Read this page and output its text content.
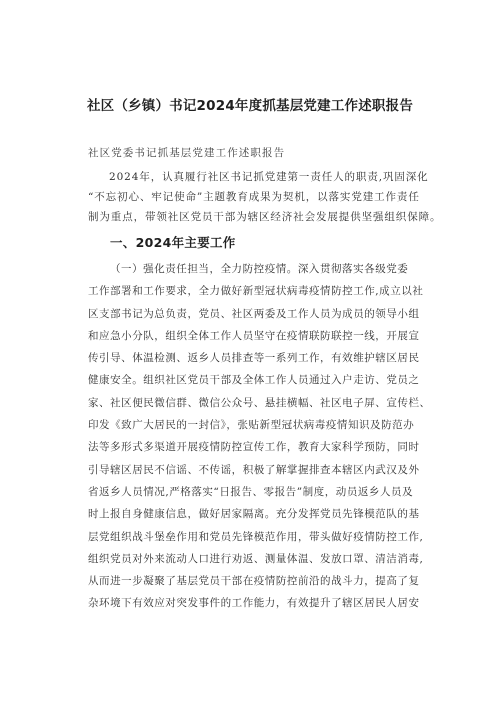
社区（乡镇）书记2024年度抓基层党建工作述职报告
社区党委书记抓基层党建工作述职报告
2024年，认真履行社区书记抓党建第一责任人的职责,巩固深化
“不忘初心、牢记使命”主题教育成果为契机，以落实党建工作责任
制为重点，带领社区党员干部为辖区经济社会发展提供坚强组织保障。
一、2024年主要工作
（一）强化责任担当，全力防控疫情。深入贯彻落实各级党委
工作部署和工作要求，全力做好新型冠状病毒疫情防控工作,成立以社
区支部书记为总负责，党员、社区两委及工作人员为成员的领导小组
和应急小分队，组织全体工作人员坚守在疫情联防联控一线，开展宣
传引导、体温检测、返乡人员排查等一系列工作，有效维护辖区居民
健康安全。组织社区党员干部及全体工作人员通过入户走访、党员之
家、社区便民微信群、微信公众号、悬挂横幅、社区电子屏、宣传栏、
印发《致广大居民的一封信》，张贴新型冠状病毒疫情知识及防范办
法等多形式多渠道开展疫情防控宣传工作，教育大家科学预防，同时
引导辖区居民不信谣、不传谣，积极了解掌握排查本辖区内武汉及外
省返乡人员情况,严格落实“日报告、零报告”制度，动员返乡人员及
时上报自身健康信息，做好居家隔离。充分发挥党员先锋模范队的基
层党组织战斗堡垒作用和党员先锋模范作用，带头做好疫情防控工作,
组织党员对外来流动人口进行劝返、测量体温、发放口罩、清洁消毒,
从而进一步凝聚了基层党员干部在疫情防控前沿的战斗力，提高了复
杂环境下有效应对突发事件的工作能力，有效提升了辖区居民人居安
